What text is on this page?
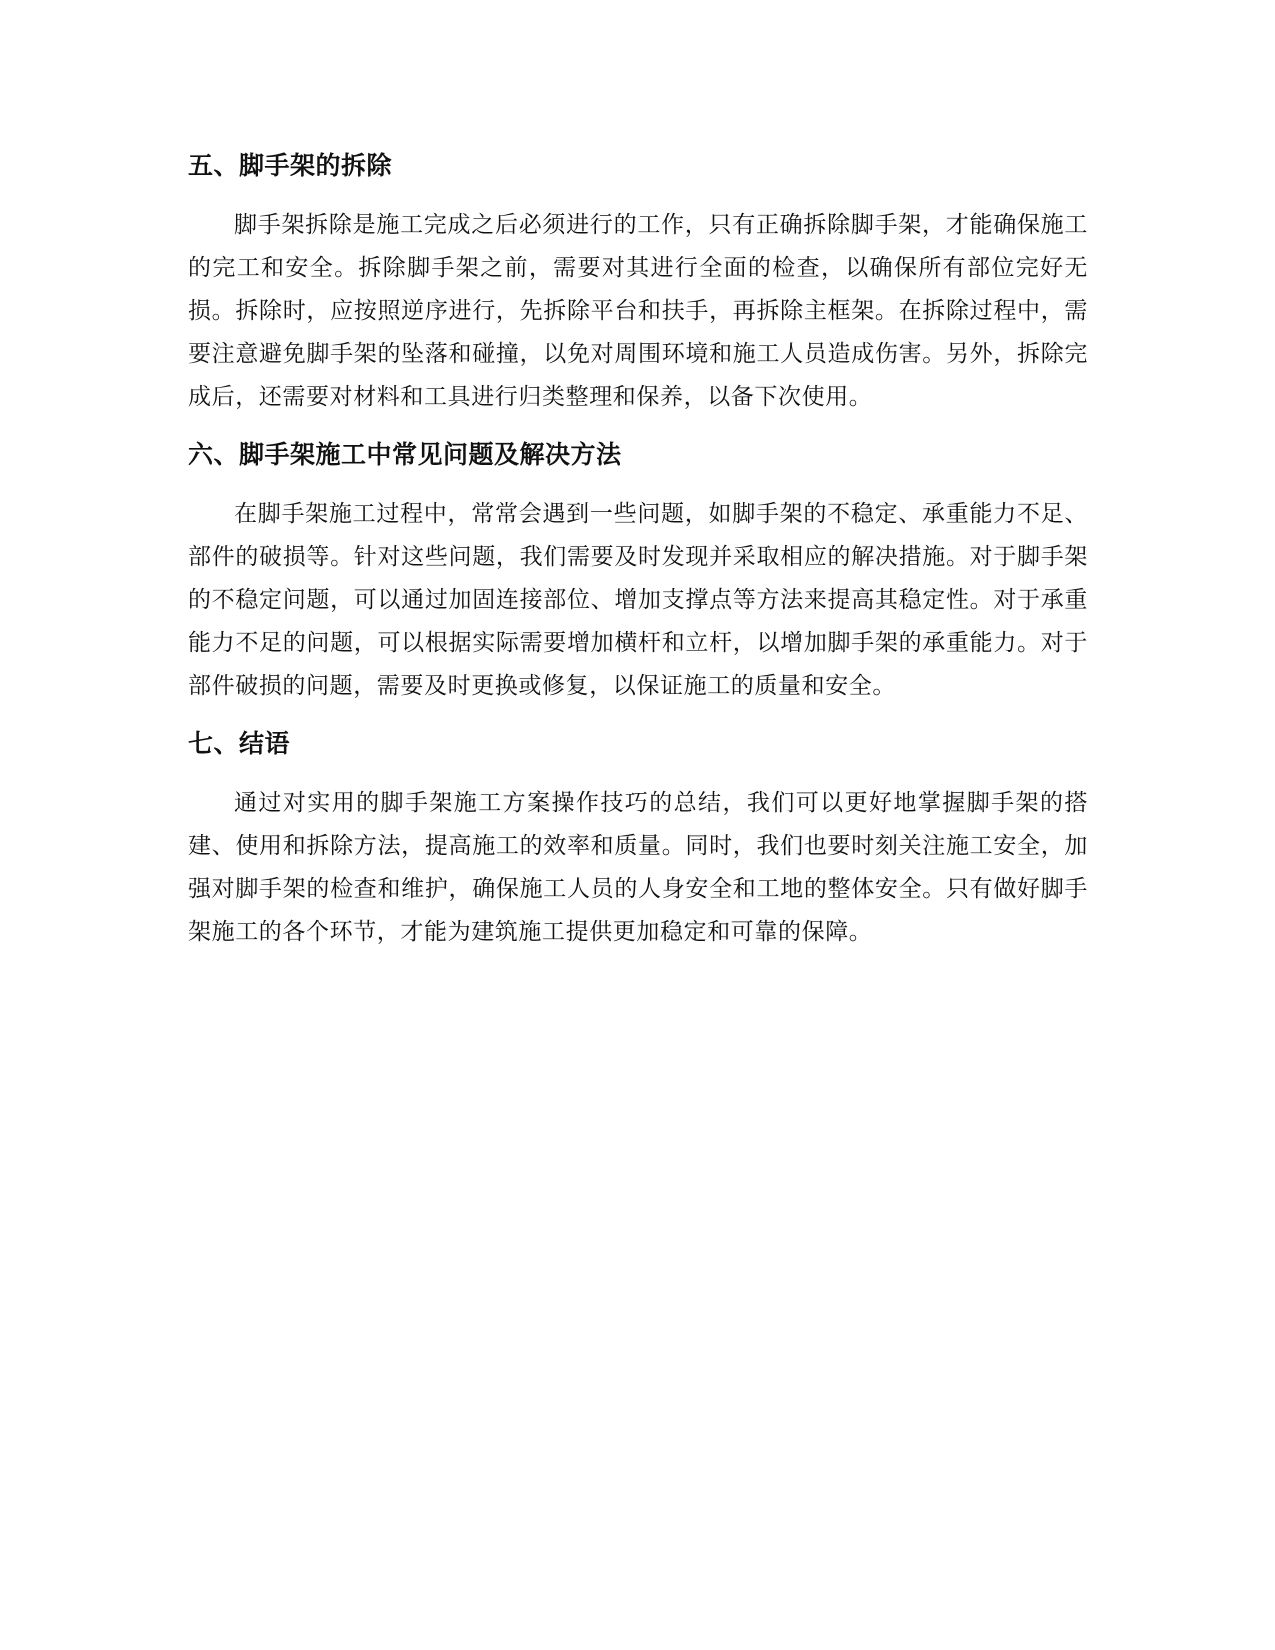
五、脚手架的拆除

脚手架拆除是施工完成之后必须进行的工作，只有正确拆除脚手架，才能确保施工的完工和安全。拆除脚手架之前，需要对其进行全面的检查，以确保所有部位完好无损。拆除时，应按照逆序进行，先拆除平台和扶手，再拆除主框架。在拆除过程中，需要注意避免脚手架的坠落和碰撞，以免对周围环境和施工人员造成伤害。另外，拆除完成后，还需要对材料和工具进行归类整理和保养，以备下次使用。

六、脚手架施工中常见问题及解决方法

在脚手架施工过程中，常常会遇到一些问题，如脚手架的不稳定、承重能力不足、部件的破损等。针对这些问题，我们需要及时发现并采取相应的解决措施。对于脚手架的不稳定问题，可以通过加固连接部位、增加支撑点等方法来提高其稳定性。对于承重能力不足的问题，可以根据实际需要增加横杆和立杆，以增加脚手架的承重能力。对于部件破损的问题，需要及时更换或修复，以保证施工的质量和安全。

七、结语

通过对实用的脚手架施工方案操作技巧的总结，我们可以更好地掌握脚手架的搭建、使用和拆除方法，提高施工的效率和质量。同时，我们也要时刻关注施工安全，加强对脚手架的检查和维护，确保施工人员的人身安全和工地的整体安全。只有做好脚手架施工的各个环节，才能为建筑施工提供更加稳定和可靠的保障。
